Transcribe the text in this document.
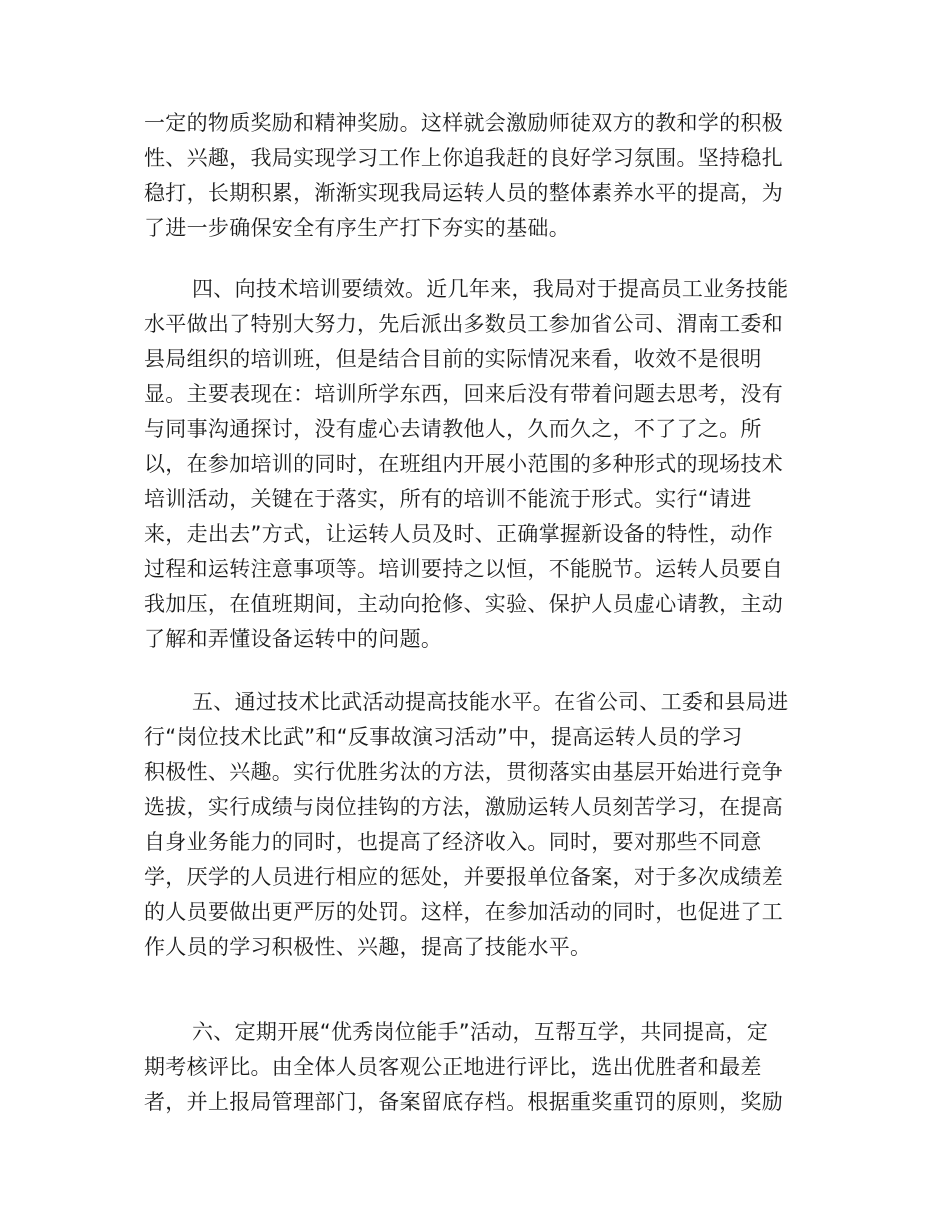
一定的物质奖励和精神奖励。这样就会激励师徒双方的教和学的积极
性、兴趣，我局实现学习工作上你追我赶的良好学习氛围。坚持稳扎
稳打，长期积累，渐渐实现我局运转人员的整体素养水平的提高，为
了进一步确保安全有序生产打下夯实的基础。
四、向技术培训要绩效。近几年来，我局对于提高员工业务技能
水平做出了特别大努力，先后派出多数员工参加省公司、渭南工委和
县局组织的培训班，但是结合目前的实际情况来看，收效不是很明
显。主要表现在：培训所学东西，回来后没有带着问题去思考，没有
与同事沟通探讨，没有虚心去请教他人，久而久之，不了了之。所
以，在参加培训的同时，在班组内开展小范围的多种形式的现场技术
培训活动，关键在于落实，所有的培训不能流于形式。实行“请进
来，走出去”方式，让运转人员及时、正确掌握新设备的特性，动作
过程和运转注意事项等。培训要持之以恒，不能脱节。运转人员要自
我加压，在值班期间，主动向抢修、实验、保护人员虚心请教，主动
了解和弄懂设备运转中的问题。
五、通过技术比武活动提高技能水平。在省公司、工委和县局进
行“岗位技术比武”和“反事故演习活动”中，提高运转人员的学习
积极性、兴趣。实行优胜劣汰的方法，贯彻落实由基层开始进行竞争
选拔，实行成绩与岗位挂钩的方法，激励运转人员刻苦学习，在提高
自身业务能力的同时，也提高了经济收入。同时，要对那些不同意
学，厌学的人员进行相应的惩处，并要报单位备案，对于多次成绩差
的人员要做出更严厉的处罚。这样，在参加活动的同时，也促进了工
作人员的学习积极性、兴趣，提高了技能水平。
六、定期开展“优秀岗位能手”活动，互帮互学，共同提高，定
期考核评比。由全体人员客观公正地进行评比，选出优胜者和最差
者，并上报局管理部门，备案留底存档。根据重奖重罚的原则，奖励
